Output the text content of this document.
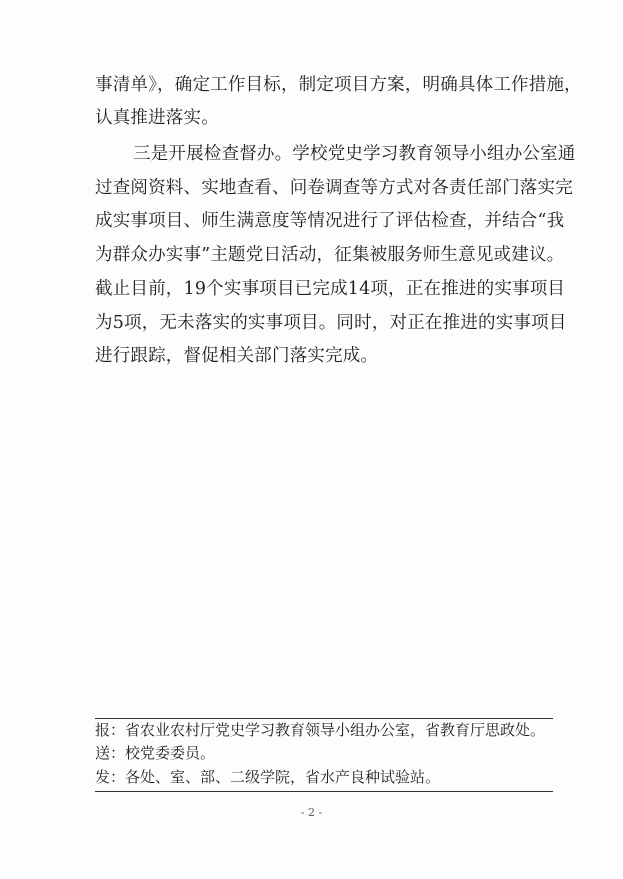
事清单》，确定工作目标，制定项目方案，明确具体工作措施，
认真推进落实。
三是开展检查督办。学校党史学习教育领导小组办公室通
过查阅资料、实地查看、问卷调查等方式对各责任部门落实完
成实事项目、师生满意度等情况进行了评估检查，并结合“我
为群众办实事”主题党日活动，征集被服务师生意见或建议。
截止目前，19个实事项目已完成14项，正在推进的实事项目
为5项，无未落实的实事项目。同时，对正在推进的实事项目
进行跟踪，督促相关部门落实完成。
报：省农业农村厅党史学习教育领导小组办公室，省教育厅思政处。
送：校党委委员。
发：各处、室、部、二级学院，省水产良种试验站。
- 2 -
